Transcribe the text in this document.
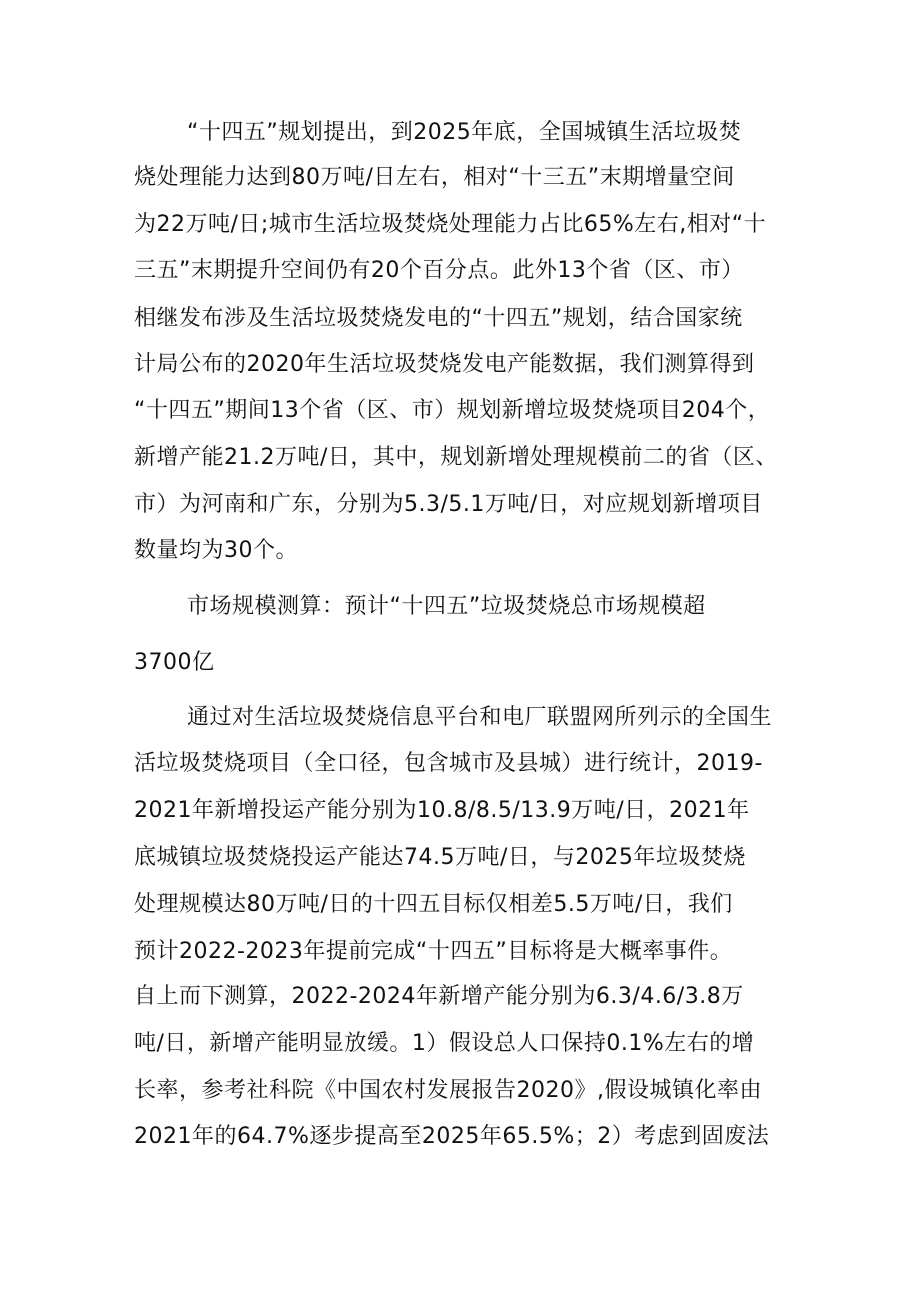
“十四五”规划提出，到2025年底，全国城镇生活垃圾焚
烧处理能力达到80万吨/日左右，相对“十三五”末期增量空间
为22万吨/日;城市生活垃圾焚烧处理能力占比65%左右,相对“十
三五”末期提升空间仍有20个百分点。此外13个省（区、市）
相继发布涉及生活垃圾焚烧发电的“十四五”规划，结合国家统
计局公布的2020年生活垃圾焚烧发电产能数据，我们测算得到
“十四五”期间13个省（区、市）规划新增垃圾焚烧项目204个，
新增产能21.2万吨/日，其中，规划新增处理规模前二的省（区、
市）为河南和广东，分别为5.3/5.1万吨/日，对应规划新增项目
数量均为30个。
市场规模测算：预计“十四五”垃圾焚烧总市场规模超
3700亿
通过对生活垃圾焚烧信息平台和电厂联盟网所列示的全国生
活垃圾焚烧项目（全口径，包含城市及县城）进行统计，2019-
2021年新增投运产能分别为10.8/8.5/13.9万吨/日，2021年
底城镇垃圾焚烧投运产能达74.5万吨/日，与2025年垃圾焚烧
处理规模达80万吨/日的十四五目标仅相差5.5万吨/日，我们
预计2022-2023年提前完成“十四五”目标将是大概率事件。
自上而下测算，2022-2024年新增产能分别为6.3/4.6/3.8万
吨/日，新增产能明显放缓。1）假设总人口保持0.1%左右的增
长率，参考社科院《中国农村发展报告2020》,假设城镇化率由
2021年的64.7%逐步提高至2025年65.5%；2）考虑到固废法
